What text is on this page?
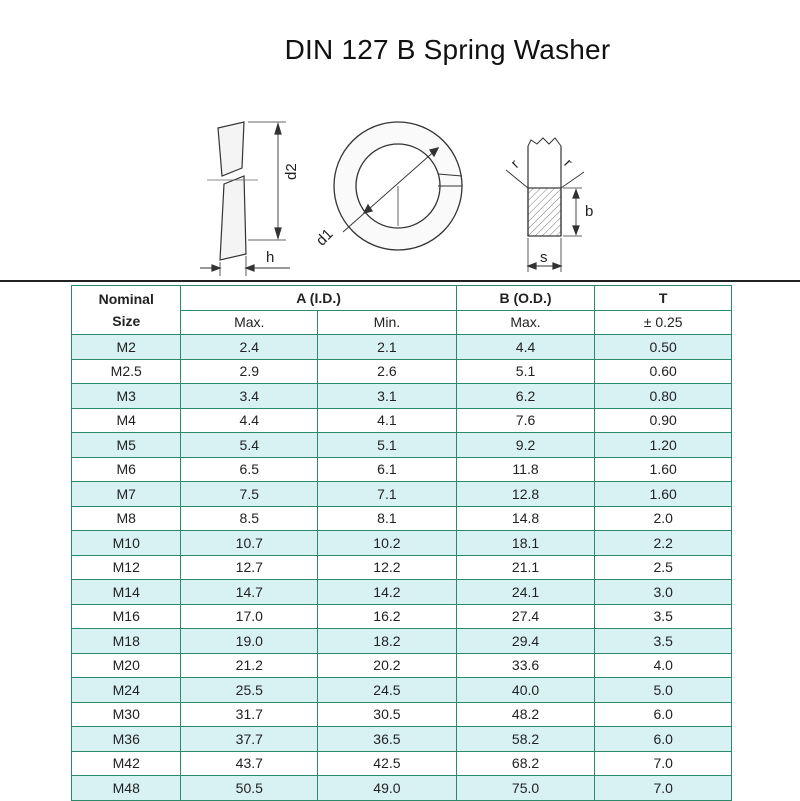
DIN 127 B Spring Washer
d2
h
d1
r	r
b
s
Nominal
Size	A (I.D.)		B (O.D.)	T
	Max.	Min.	Max.	± 0.25
M2	2.4	2.1	4.4	0.50
M2.5	2.9	2.6	5.1	0.60
M3	3.4	3.1	6.2	0.80
M4	4.4	4.1	7.6	0.90
M5	5.4	5.1	9.2	1.20
M6	6.5	6.1	11.8	1.60
M7	7.5	7.1	12.8	1.60
M8	8.5	8.1	14.8	2.0
M10	10.7	10.2	18.1	2.2
M12	12.7	12.2	21.1	2.5
M14	14.7	14.2	24.1	3.0
M16	17.0	16.2	27.4	3.5
M18	19.0	18.2	29.4	3.5
M20	21.2	20.2	33.6	4.0
M24	25.5	24.5	40.0	5.0
M30	31.7	30.5	48.2	6.0
M36	37.7	36.5	58.2	6.0
M42	43.7	42.5	68.2	7.0
M48	50.5	49.0	75.0	7.0
